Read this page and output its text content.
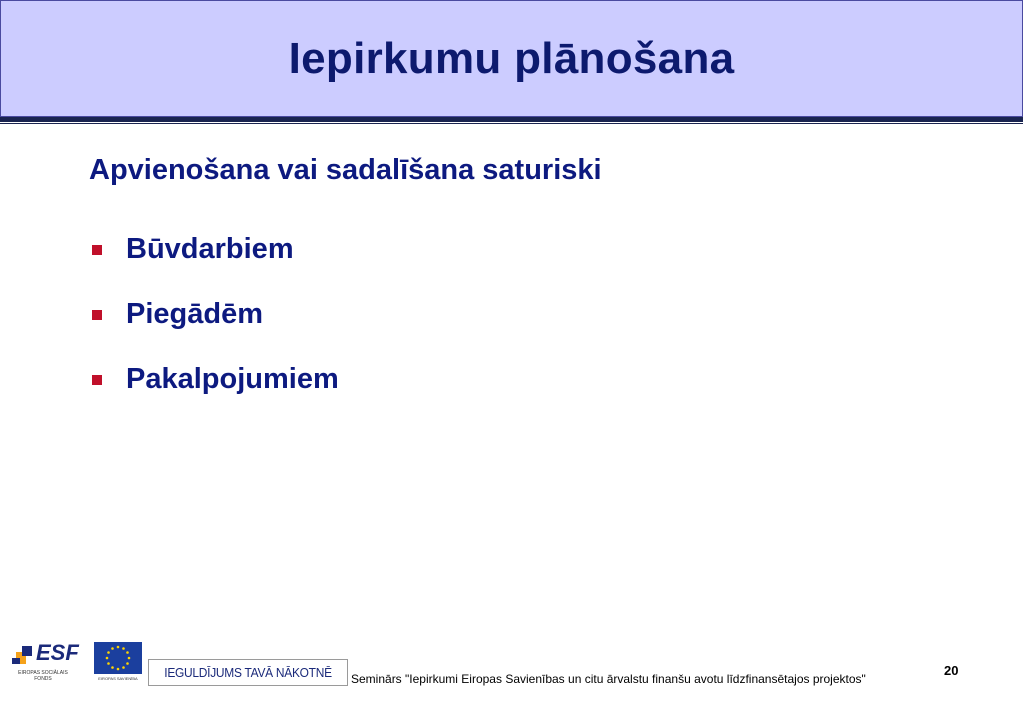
Iepirkumu plānošana
Apvienošana vai sadalīšana saturiski
Būvdarbiem
Piegādēm
Pakalpojumiem
ESF
EIROPAS SOCIĀLAIS FONDS	EIROPAS SAVIENĪBA	IEGULDĪJUMS TAVĀ NĀKOTNĒ Seminārs "Iepirkumi Eiropas Savienības un citu ārvalstu finanšu avotu līdzfinansētajos projektos"
20
